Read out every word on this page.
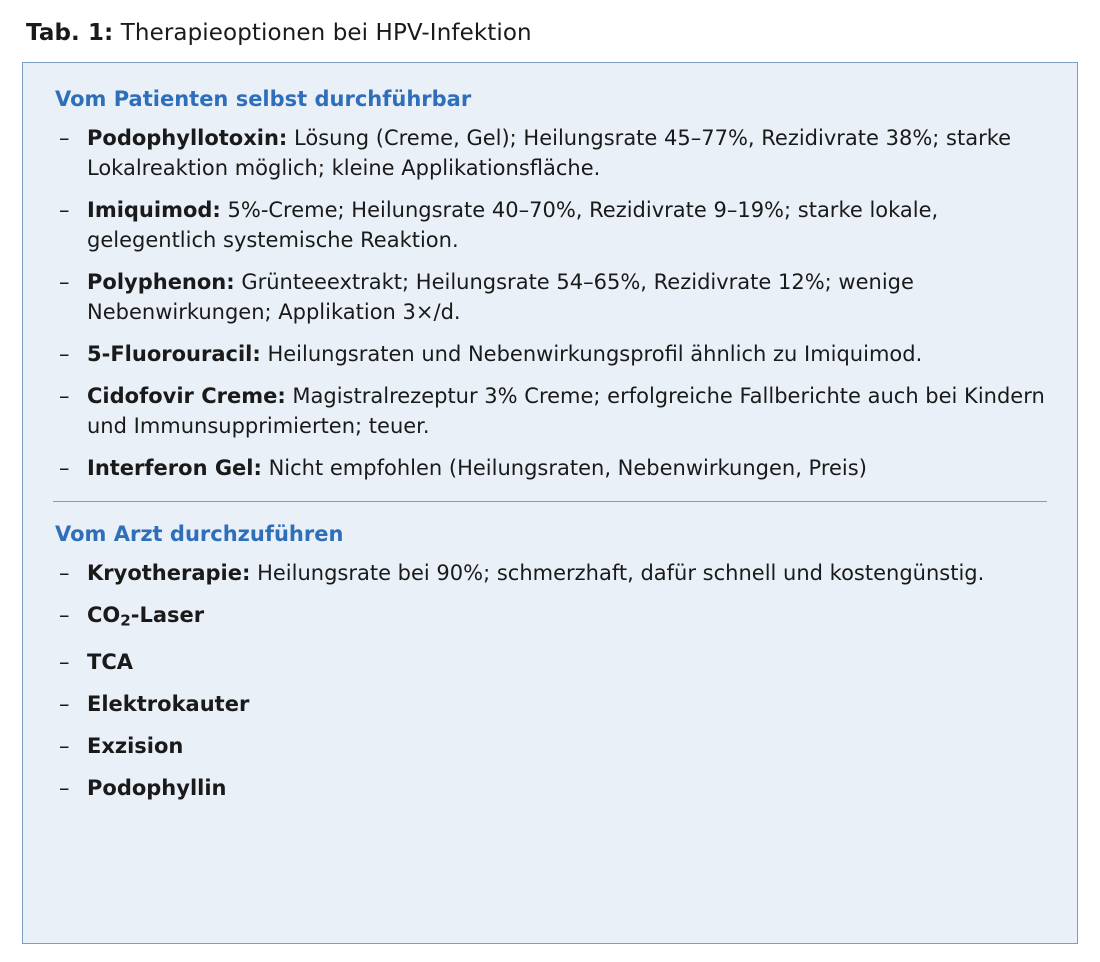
Tab. 1: Therapieoptionen bei HPV-Infektion
Vom Patienten selbst durchführbar
– Podophyllotoxin: Lösung (Creme, Gel); Heilungsrate 45–77%, Rezidivrate 38%; starke Lokalreaktion möglich; kleine Applikationsfläche.
– Imiquimod: 5%-Creme; Heilungsrate 40–70%, Rezidivrate 9–19%; starke lokale, gelegentlich systemische Reaktion.
– Polyphenon: Grünteeextrakt; Heilungsrate 54–65%, Rezidivrate 12%; wenige Nebenwirkungen; Applikation 3×/d.
– 5-Fluorouracil: Heilungsraten und Nebenwirkungsprofil ähnlich zu Imiquimod.
– Cidofovir Creme: Magistralrezeptur 3% Creme; erfolgreiche Fallberichte auch bei Kindern und Immunsupprimierten; teuer.
– Interferon Gel: Nicht empfohlen (Heilungsraten, Nebenwirkungen, Preis)
Vom Arzt durchzuführen
– Kryotherapie: Heilungsrate bei 90%; schmerzhaft, dafür schnell und kostengünstig.
– $CO_2$-Laser
– TCA
– Elektrokauter
– Exzision
– Podophyllin
